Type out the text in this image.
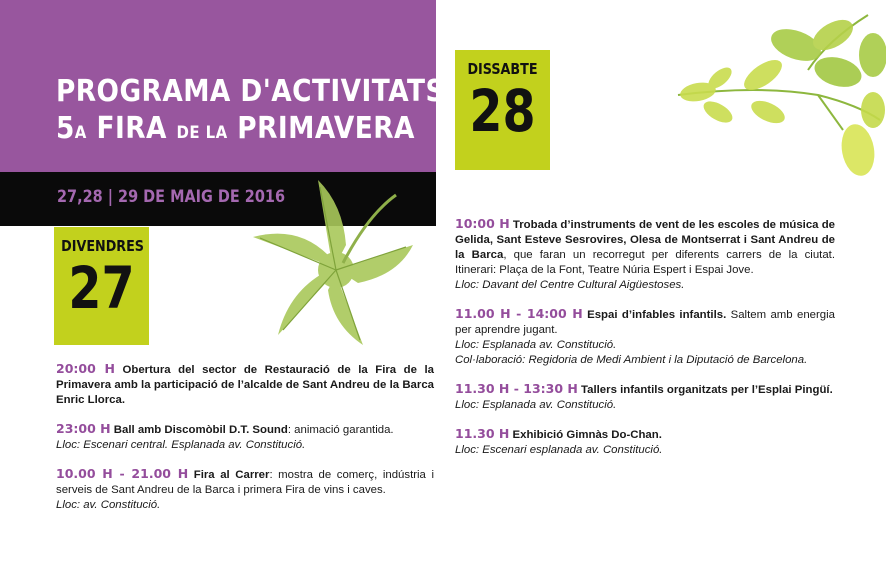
PROGRAMA D'ACTIVITATS
5A FIRA DE LA PRIMAVERA
27,28 | 29 DE MAIG DE 2016
DIVENDRES
27
DISSABTE
28
20:00 H Obertura del sector de Restauració de la Fira de la Primavera amb la participació de l’alcalde de Sant Andreu de la Barca Enric Llorca.
23:00 H Ball amb Discomòbil D.T. Sound: animació garantida.
Lloc: Escenari central. Esplanada av. Constitució.
10.00 H - 21.00 H Fira al Carrer: mostra de comerç, indústria i serveis de Sant Andreu de la Barca i primera Fira de vins i caves.
Lloc: av. Constitució.
10:00 H Trobada d’instruments de vent de les escoles de música de Gelida, Sant Esteve Sesrovires, Olesa de Montserrat i Sant Andreu de la Barca, que faran un recorregut per diferents carrers de la ciutat. Itinerari: Plaça de la Font, Teatre Núria Espert i Espai Jove.
Lloc: Davant del Centre Cultural Aigüestoses.
11.00 H - 14:00 H Espai d’infables infantils. Saltem amb energia per aprendre jugant.
Lloc: Esplanada av. Constitució.
Col·laboració: Regidoria de Medi Ambient i la Diputació de Barcelona.
11.30 H - 13:30 H Tallers infantils organitzats per l’Esplai Pingüí.
Lloc: Esplanada av. Constitució.
11.30 H Exhibició Gimnàs Do-Chan.
Lloc: Escenari esplanada av. Constitució.
